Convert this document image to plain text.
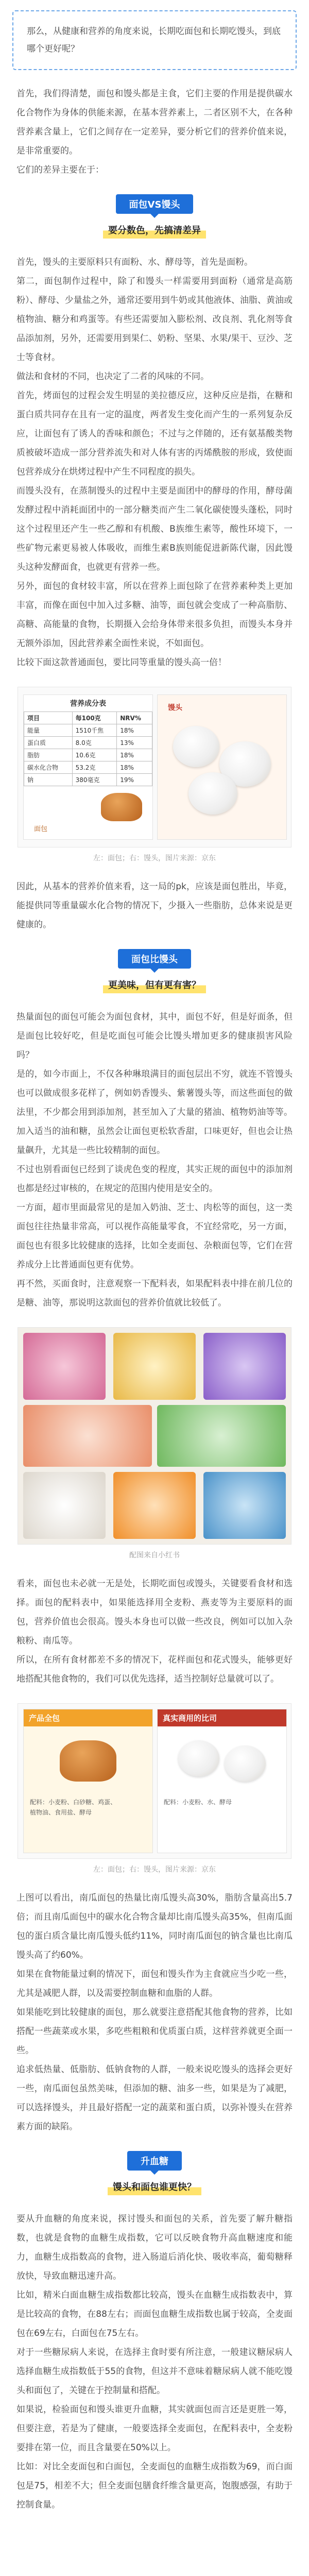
那么，从健康和营养的角度来说，长期吃面包和长期吃馒头，到底哪个更好呢？

首先，我们得清楚，面包和馒头都是主食，它们主要的作用是提供碳水化合物作为身体的供能来源，在基本营养素上，二者区别不大，在各种营养素含量上，它们之间存在一定差异，要分析它们的营养价值来说，是非常重要的。

它们的差异主要在于：

面包VS馒头
要分数色，先搞清差异

首先，馒头的主要原料只有面粉、水、酵母等，首先是面粉。

第二，面包制作过程中，除了和馒头一样需要用到面粉（通常是高筋粉）、酵母、少量盐之外，通常还要用到牛奶或其他液体、油脂、黄油或植物油、糖分和鸡蛋等。有些还需要加入膨松剂、改良剂、乳化剂等食品添加剂，另外，还需要用到果仁、奶粉、坚果、水果/果干、豆沙、芝士等食材。

做法和食材的不同，也决定了二者的风味的不同。

首先，烤面包的过程会发生明显的美拉德反应，这种反应是指，在糖和蛋白质共同存在且有一定的温度，两者发生变化而产生的一系列复杂反应，让面包有了诱人的香味和颜色；不过与之伴随的，还有氨基酸类物质被破坏造成一部分营养流失和对人体有害的丙烯酰胺的形成，致使面包营养成分在烘烤过程中产生不同程度的损失。

而馒头没有，在蒸制馒头的过程中主要是面团中的酵母的作用，酵母菌发酵过程中消耗面团中的一部分糖类而产生二氧化碳使馒头蓬松，同时这个过程里还产生一些乙醇和有机酸、B族维生素等，酸性环境下，一些矿物元素更易被人体吸收，而维生素B族则能促进新陈代谢，因此馒头这种发酵面食，也就更有营养一些。

另外，面包的食材较丰富，所以在营养上面包除了在营养素种类上更加丰富，而像在面包中加入过多糖、油等，面包就会变成了一种高脂肪、高糖、高能量的食物，长期摄入会给身体带来很多负担，而馒头本身并无额外添加，因此营养素全面性来说，不如面包。

比较下面这款普通面包，要比同等重量的馒头高一倍！

营养成分表
项目	每100克	NRV%
能量	1510千焦	18%
蛋白质	8.0克	13%
脂肪	10.6克	18%
碳水化合物	53.2克	18%
钠	380毫克	19%
面包
馒头
左：面包；右：馒头，图片来源：京东

因此，从基本的营养价值来看，这一局的pk，应该是面包胜出，毕竟，能提供同等重量碳水化合物的情况下，少摄入一些脂肪，总体来说是更健康的。

面包比馒头
更美味，但有更有害？

热量面包的面包可能会为面包食材，其中，面包不好，但是好面条，但是面包比较好吃，但是吃面包可能会比馒头增加更多的健康损害风险吗？

是的，如今市面上，不仅各种琳琅满目的面包层出不穷，就连不管馒头也可以做成很多花样了，例如奶香馒头、紫薯馒头等，而这些面包的做法里，不少都会用到添加剂，甚至加入了大量的猪油、植物奶油等等。加入适当的油和糖，虽然会让面包更松软香甜，口味更好，但也会让热量飙升，尤其是一些比较精制的面包。

不过也别看面包已经到了谈虎色变的程度，其实正规的面包中的添加剂也都是经过审核的，在规定的范围内使用是安全的。

一方面，超市里面最常见的是加入奶油、芝士、肉松等的面包，这一类面包往往热量非常高，可以视作高能量零食，不宜经常吃，另一方面，面包也有很多比较健康的选择，比如全麦面包、杂粮面包等，它们在营养成分上比普通面包更有优势。

再不然，买面食时，注意观察一下配料表，如果配料表中排在前几位的是糖、油等，那说明这款面包的营养价值就比较低了。

配图来自小红书

看来，面包也未必就一无是处，长期吃面包或馒头，关键要看食材和选择。面包的配料表中，如果能选择用全麦粉、燕麦等为主要原料的面包，营养价值也会很高。馒头本身也可以做一些改良，例如可以加入杂粮粉、南瓜等。

所以，在所有食材都差不多的情况下，花样面包和花式馒头，能够更好地搭配其他食物的，我们可以优先选择，适当控制好总量就可以了。

产品全包
配料：小麦粉、白砂糖、鸡蛋、
植物油、食用盐、酵母
真实商用的比司
配料：小麦粉、水、酵母
左：面包；右：馒头，图片来源：京东

上图可以看出，南瓜面包的热量比南瓜馒头高30%，脂肪含量高出5.7倍；而且南瓜面包中的碳水化合物含量却比南瓜馒头高35%，但南瓜面包的蛋白质含量比南瓜馒头低约11%，同时南瓜面包的钠含量也比南瓜馒头高了约60%。

如果在食物能量过剩的情况下，面包和馒头作为主食就应当少吃一些，尤其是减肥人群，以及需要控制血糖和血脂的人群。

如果能吃到比较健康的面包，那么就要注意搭配其他食物的营养，比如搭配一些蔬菜或水果，多吃些粗粮和优质蛋白质，这样营养就更全面一些。

追求低热量、低脂肪、低钠食物的人群，一般来说吃馒头的选择会更好一些，南瓜面包虽然美味，但添加的糖、油多一些，如果是为了减肥，可以选择馒头，并且最好搭配一定的蔬菜和蛋白质，以弥补馒头在营养素方面的缺陷。

升血糖
馒头和面包谁更快？

要从升血糖的角度来说，探讨馒头和面包的关系，首先要了解升糖指数，也就是食物的血糖生成指数，它可以反映食物升高血糖速度和能力，血糖生成指数高的食物，进入肠道后消化快、吸收率高，葡萄糖释放快，导致血糖迅速升高。

比如，精米白面血糖生成指数都比较高，馒头在血糖生成指数表中，算是比较高的食物，在88左右；而面包血糖生成指数也属于较高，全麦面包在69左右，白面包在75左右。

对于一些糖尿病人来说，在选择主食时要有所注意，一般建议糖尿病人选择血糖生成指数低于55的食物，但这并不意味着糖尿病人就不能吃馒头和面包了，关键在于控制量和搭配。

如果说，检验面包和馒头谁更升血糖，其实就面包而言还是更胜一筹，但要注意，若是为了健康，一般要选择全麦面包，在配料表中，全麦粉要排在第一位，而且含量要在50%以上。

比如：对比全麦面包和白面包，全麦面包的血糖生成指数为69，而白面包是75，相差不大；但全麦面包膳食纤维含量更高，饱腹感强，有助于控制食量。
